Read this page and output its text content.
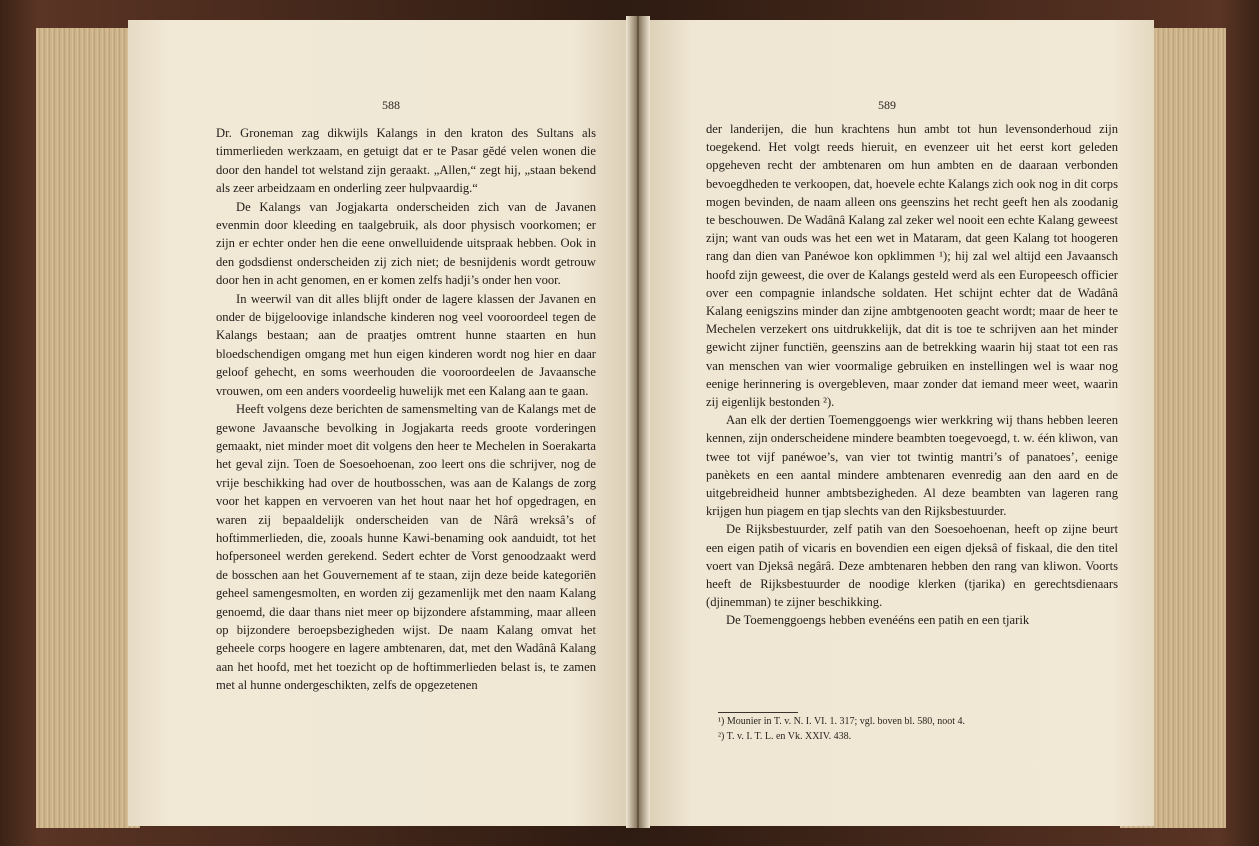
588	589

Dr. Groneman zag dikwijls Kalangs in den kraton des Sultans als timmerlieden werkzaam, en getuigt dat er te Pasar gĕdé velen wonen die door den handel tot welstand zijn geraakt. „Allen,“ zegt hij, „staan bekend als zeer arbeidzaam en onderling zeer hulpvaardig.“

De Kalangs van Jogjakarta onderscheiden zich van de Javanen evenmin door kleeding en taalgebruik, als door physisch voorkomen; er zijn er echter onder hen die eene onwelluidende uitspraak hebben. Ook in den godsdienst onderscheiden zij zich niet; de besnijdenis wordt getrouw door hen in acht genomen, en er komen zelfs hadji’s onder hen voor.

In weerwil van dit alles blijft onder de lagere klassen der Javanen en onder de bijgeloovige inlandsche kinderen nog veel vooroordeel tegen de Kalangs bestaan; aan de praatjes omtrent hunne staarten en hun bloedschendigen omgang met hun eigen kinderen wordt nog hier en daar geloof gehecht, en soms weerhouden die vooroordeelen de Javaansche vrouwen, om een anders voordeelig huwelijk met een Kalang aan te gaan.

Heeft volgens deze berichten de samensmelting van de Kalangs met de gewone Javaansche bevolking in Jogjakarta reeds groote vorderingen gemaakt, niet minder moet dit volgens den heer te Mechelen in Soerakarta het geval zijn. Toen de Soesoehoenan, zoo leert ons die schrijver, nog de vrije beschikking had over de houtbosschen, was aan de Kalangs de zorg voor het kappen en vervoeren van het hout naar het hof opgedragen, en waren zij bepaaldelijk onderscheiden van de Nârâ wreksâ’s of hoftimmerlieden, die, zooals hunne Kawi-benaming ook aanduidt, tot het hofpersoneel werden gerekend. Sedert echter de Vorst genoodzaakt werd de bosschen aan het Gouvernement af te staan, zijn deze beide kategoriën geheel samengesmolten, en worden zij gezamenlijk met den naam Kalang genoemd, die daar thans niet meer op bijzondere afstamming, maar alleen op bijzondere beroepsbezigheden wijst. De naam Kalang omvat het geheele corps hoogere en lagere ambtenaren, dat, met den Wadânâ Kalang aan het hoofd, met het toezicht op de hoftimmerlieden belast is, te zamen met al hunne ondergeschikten, zelfs de opgezetenen

der landerijen, die hun krachtens hun ambt tot hun levensonderhoud zijn toegekend. Het volgt reeds hieruit, en evenzeer uit het eerst kort geleden opgeheven recht der ambtenaren om hun ambten en de daaraan verbonden bevoegdheden te verkoopen, dat, hoevele echte Kalangs zich ook nog in dit corps mogen bevinden, de naam alleen ons geenszins het recht geeft hen als zoodanig te beschouwen. De Wadânâ Kalang zal zeker wel nooit een echte Kalang geweest zijn; want van ouds was het een wet in Mataram, dat geen Kalang tot hoogeren rang dan dien van Panéwoe kon opklimmen ¹); hij zal wel altijd een Javaansch hoofd zijn geweest, die over de Kalangs gesteld werd als een Europeesch officier over een compagnie inlandsche soldaten. Het schijnt echter dat de Wadânâ Kalang eenigszins minder dan zijne ambtgenooten geacht wordt; maar de heer te Mechelen verzekert ons uitdrukkelijk, dat dit is toe te schrijven aan het minder gewicht zijner functiën, geenszins aan de betrekking waarin hij staat tot een ras van menschen van wier voormalige gebruiken en instellingen wel is waar nog eenige herinnering is overgebleven, maar zonder dat iemand meer weet, waarin zij eigenlijk bestonden ²).

Aan elk der dertien Toemenggoengs wier werkkring wij thans hebben leeren kennen, zijn onderscheidene mindere beambten toegevoegd, t. w. één kliwon, van twee tot vijf panéwoe’s, van vier tot twintig mantri’s of panatoes’, eenige panèkets en een aantal mindere ambtenaren evenredig aan den aard en de uitgebreidheid hunner ambtsbezigheden. Al deze beambten van lageren rang krijgen hun piagem en tjap slechts van den Rijksbestuurder.

De Rijksbestuurder, zelf patih van den Soesoehoenan, heeft op zijne beurt een eigen patih of vicaris en bovendien een eigen djeksâ of fiskaal, die den titel voert van Djeksâ negârâ. Deze ambtenaren hebben den rang van kliwon. Voorts heeft de Rijksbestuurder de noodige klerken (tjarika) en gerechtsdienaars (djinemman) te zijner beschikking.

De Toemenggoengs hebben evenééns een patih en een tjarik

¹) Mounier in T. v. N. I. VI. 1. 317; vgl. boven bl. 580, noot 4.
²) T. v. I. T. L. en Vk. XXIV. 438.
